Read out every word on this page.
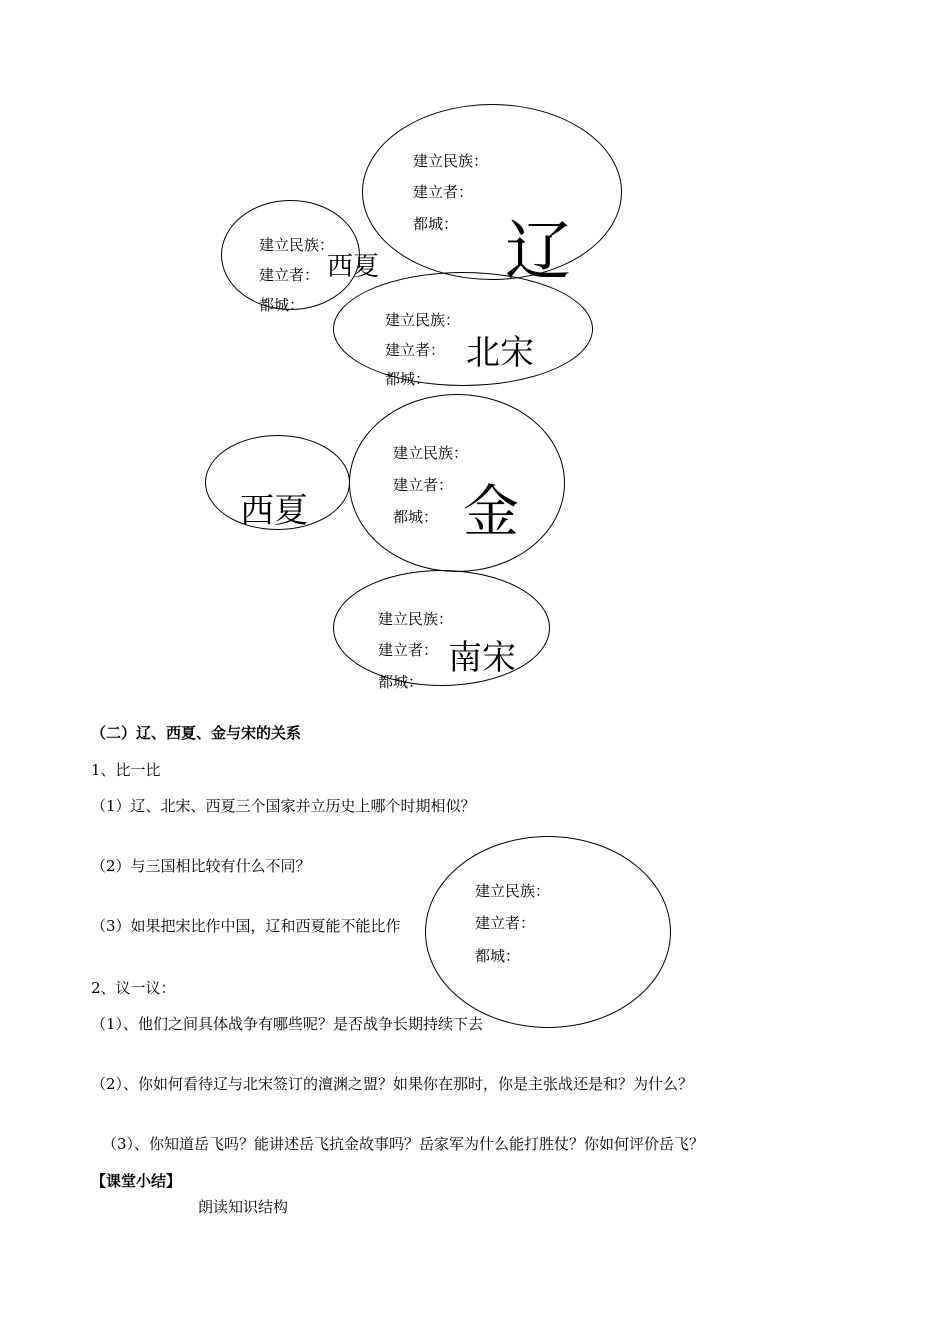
建立民族：
建立者：
都城： 辽
建立民族：
建立者：
都城：
西夏
建立民族：
建立者：
都城：
北宋
西夏
建立民族：
建立者：
都城： 金
建立民族：
建立者：
都城：
南宋
（二）辽、西夏、金与宋的关系
1、比一比
（1）辽、北宋、西夏三个国家并立历史上哪个时期相似？
（2）与三国相比较有什么不同？
（3）如果把宋比作中国，辽和西夏能不能比作
2、议一议：
（1）、他们之间具体战争有哪些呢？是否战争长期持续下去
（2）、你如何看待辽与北宋签订的澶渊之盟？如果你在那时，你是主张战还是和？为什么？
（3）、你知道岳飞吗？能讲述岳飞抗金故事吗？岳家军为什么能打胜仗？你如何评价岳飞？
【课堂小结】
朗读知识结构
建立民族：
建立者：
都城：
